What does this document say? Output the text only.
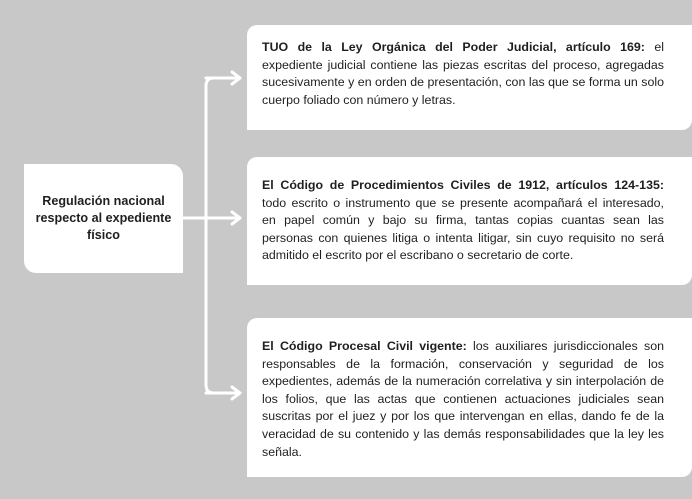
Regulación nacional respecto al expediente físico
TUO de la Ley Orgánica del Poder Judicial, artículo 169: el expediente judicial contiene las piezas escritas del proceso, agregadas sucesivamente y en orden de presentación, con las que se forma un solo cuerpo foliado con número y letras.
El Código de Procedimientos Civiles de 1912, artículos 124-135: todo escrito o instrumento que se presente acompañará el interesado, en papel común y bajo su firma, tantas copias cuantas sean las personas con quienes litiga o intenta litigar, sin cuyo requisito no será admitido el escrito por el escribano o secretario de corte.
El Código Procesal Civil vigente: los auxiliares jurisdiccionales son responsables de la formación, conservación y seguridad de los expedientes, además de la numeración correlativa y sin interpolación de los folios, que las actas que contienen actuaciones judiciales sean suscritas por el juez y por los que intervengan en ellas, dando fe de la veracidad de su contenido y las demás responsabilidades que la ley les señala.
